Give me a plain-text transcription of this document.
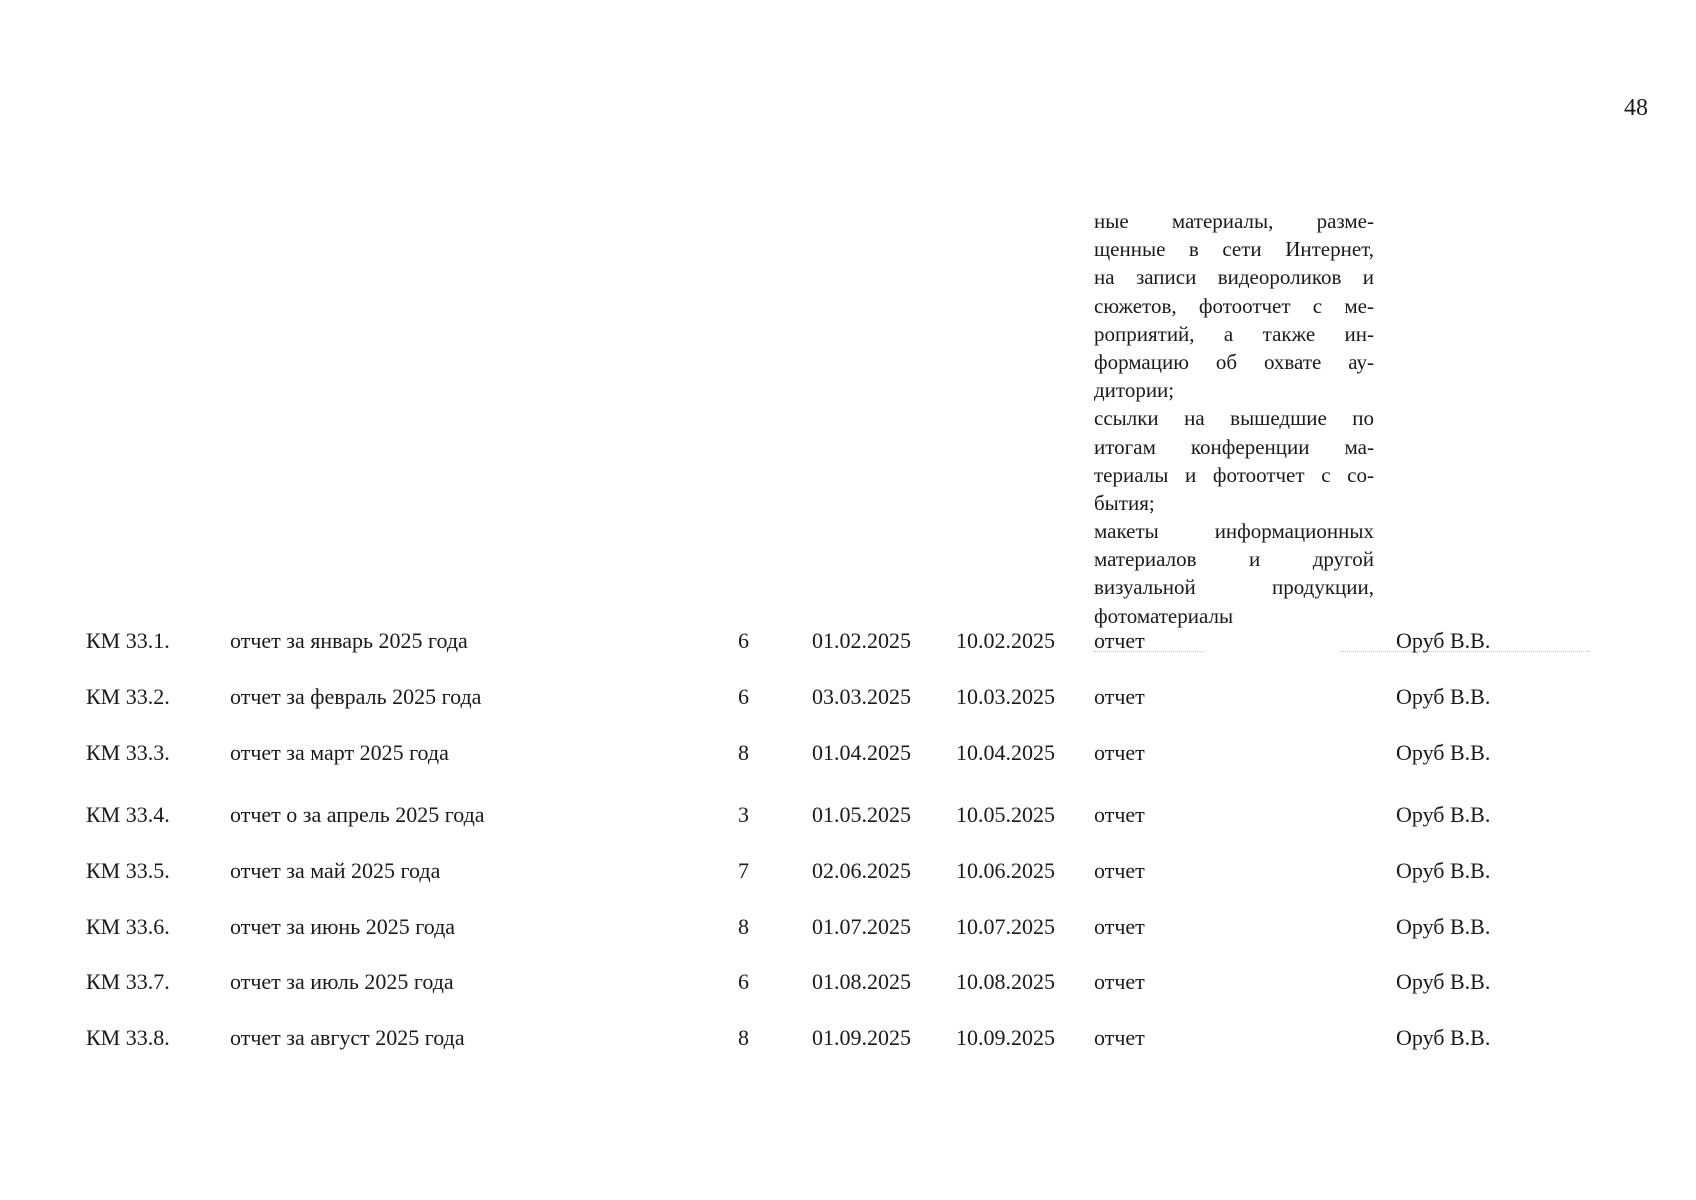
48
ные материалы, разме-
щенные в сети Интернет,
на записи видеороликов и
сюжетов, фотоотчет с ме-
роприятий, а также ин-
формацию об охвате ау-
дитории;
ссылки на вышедшие по
итогам конференции ма-
териалы и фотоотчет с со-
бытия;
макеты информационных
материалов и другой
визуальной продукции,
фотоматериалы
КМ 33.1.	отчет за январь 2025 года	6	01.02.2025 10.02.2025 отчет	Оруб В.В.
КМ 33.2.	отчет за февраль 2025 года	6	03.03.2025 10.03.2025 отчет	Оруб В.В.
КМ 33.3.	отчет за март 2025 года	8	01.04.2025 10.04.2025 отчет	Оруб В.В.
КМ 33.4.	отчет о за апрель 2025 года	3	01.05.2025 10.05.2025 отчет	Оруб В.В.
КМ 33.5.	отчет за май 2025 года	7	02.06.2025 10.06.2025 отчет	Оруб В.В.
КМ 33.6.	отчет за июнь 2025 года	8	01.07.2025 10.07.2025 отчет	Оруб В.В.
КМ 33.7.	отчет за июль 2025 года	6	01.08.2025 10.08.2025 отчет	Оруб В.В.
КМ 33.8.	отчет за август 2025 года	8	01.09.2025 10.09.2025 отчет	Оруб В.В.
